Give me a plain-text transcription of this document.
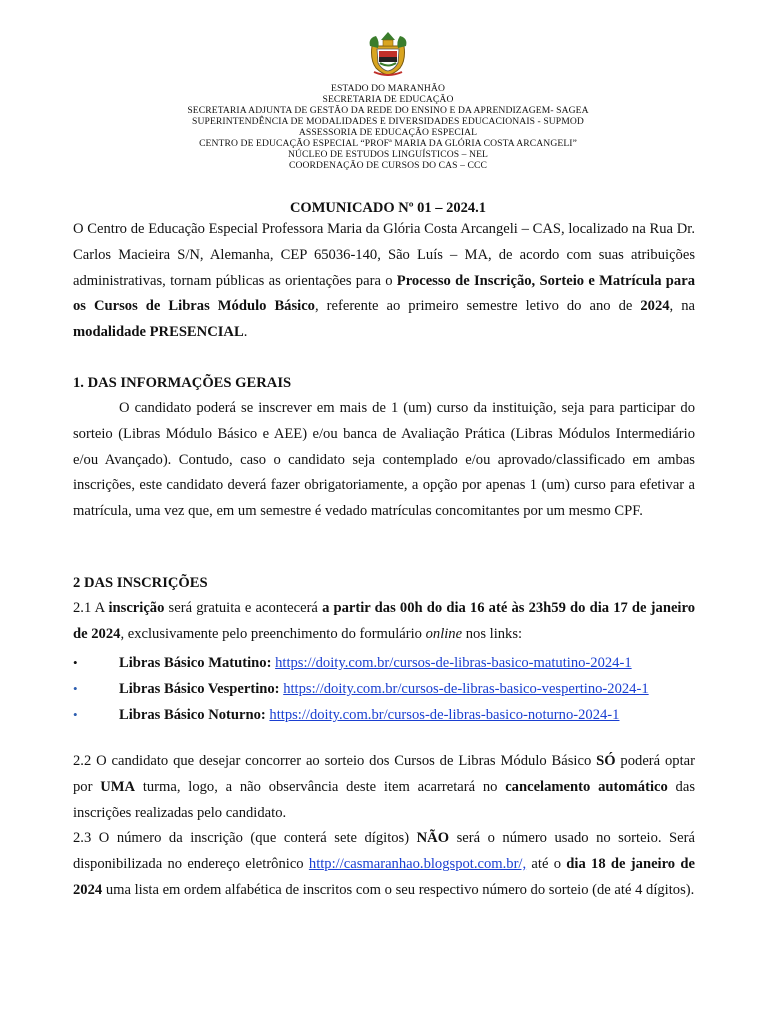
ESTADO DO MARANHÃO
SECRETARIA DE EDUCAÇÃO
SECRETARIA ADJUNTA DE GESTÃO DA REDE DO ENSINO E DA APRENDIZAGEM- SAGEA
SUPERINTENDÊNCIA DE MODALIDADES E DIVERSIDADES EDUCACIONAIS - SUPMOD
ASSESSORIA DE EDUCAÇÃO ESPECIAL
CENTRO DE EDUCAÇÃO ESPECIAL “PROFª MARIA DA GLÓRIA COSTA ARCANGELI”
NÚCLEO DE ESTUDOS LINGUÍSTICOS – NEL
COORDENAÇÃO DE CURSOS DO CAS – CCC
COMUNICADO Nº 01 – 2024.1
O Centro de Educação Especial Professora Maria da Glória Costa Arcangeli – CAS, localizado na Rua Dr. Carlos Macieira S/N, Alemanha, CEP 65036-140, São Luís – MA, de acordo com suas atribuições administrativas, tornam públicas as orientações para o Processo de Inscrição, Sorteio e Matrícula para os Cursos de Libras Módulo Básico, referente ao primeiro semestre letivo do ano de 2024, na modalidade PRESENCIAL.
1. DAS INFORMAÇÕES GERAIS
O candidato poderá se inscrever em mais de 1 (um) curso da instituição, seja para participar do sorteio (Libras Módulo Básico e AEE) e/ou banca de Avaliação Prática (Libras Módulos Intermediário e/ou Avançado). Contudo, caso o candidato seja contemplado e/ou aprovado/classificado em ambas inscrições, este candidato deverá fazer obrigatoriamente, a opção por apenas 1 (um) curso para efetivar a matrícula, uma vez que, em um semestre é vedado matrículas concomitantes por um mesmo CPF.
2 DAS INSCRIÇÕES
2.1 A inscrição será gratuita e acontecerá a partir das 00h do dia 16 até às 23h59 do dia 17 de janeiro de 2024, exclusivamente pelo preenchimento do formulário online nos links:
•	Libras Básico Matutino: https://doity.com.br/cursos-de-libras-basico-matutino-2024-1
•	Libras Básico Vespertino: https://doity.com.br/cursos-de-libras-basico-vespertino-2024-1
•	Libras Básico Noturno: https://doity.com.br/cursos-de-libras-basico-noturno-2024-1
2.2 O candidato que desejar concorrer ao sorteio dos Cursos de Libras Módulo Básico SÓ poderá optar por UMA turma, logo, a não observância deste item acarretará no cancelamento automático das inscrições realizadas pelo candidato.
2.3 O número da inscrição (que conterá sete dígitos) NÃO será o número usado no sorteio. Será disponibilizada no endereço eletrônico http://casmaranhao.blogspot.com.br/, até o dia 18 de janeiro de 2024 uma lista em ordem alfabética de inscritos com o seu respectivo número do sorteio (de até 4 dígitos).
